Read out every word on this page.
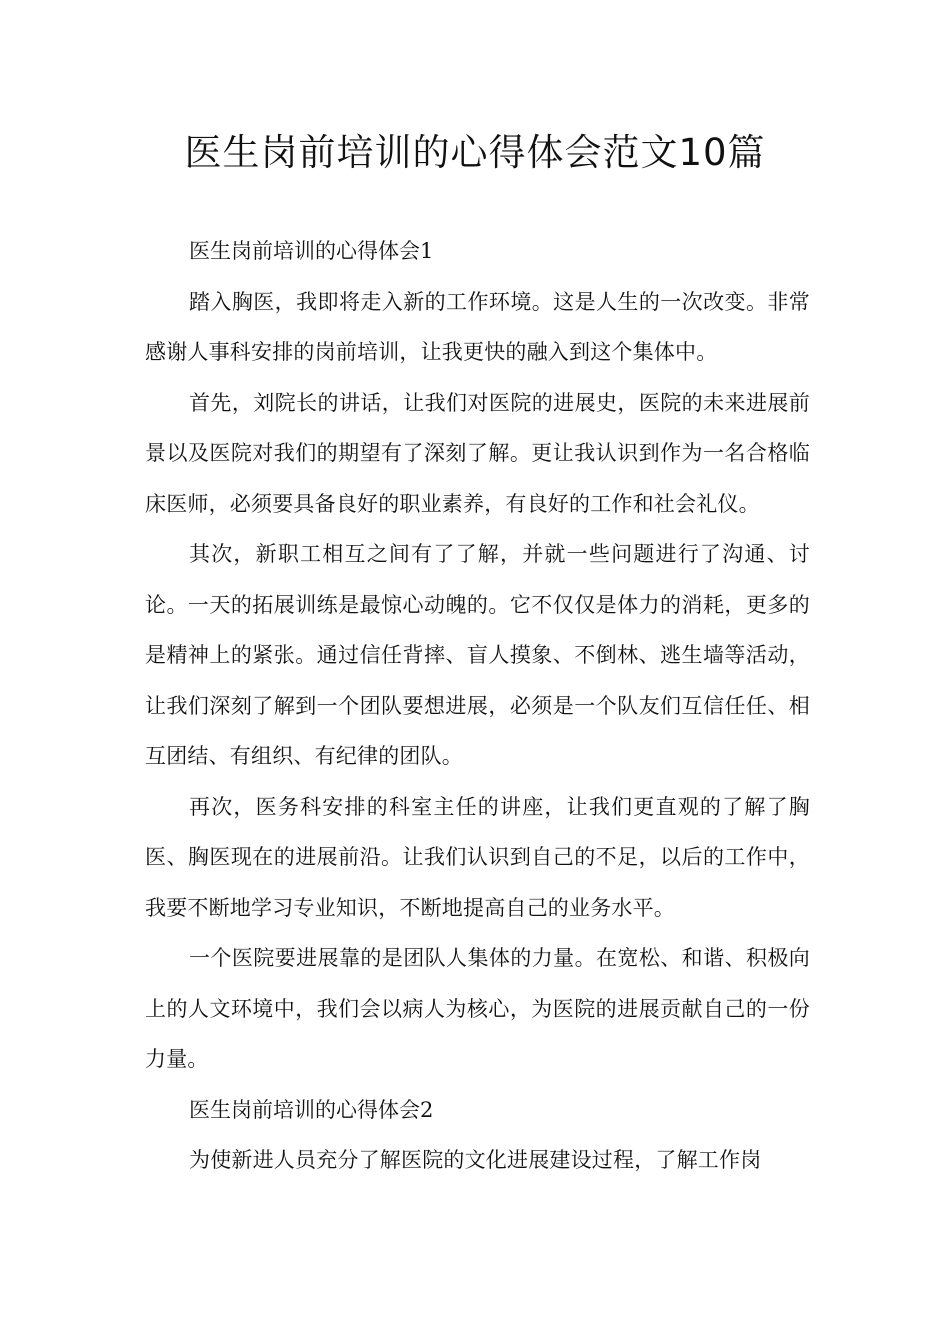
医生岗前培训的心得体会范文10篇

医生岗前培训的心得体会1

踏入胸医，我即将走入新的工作环境。这是人生的一次改变。非常感谢人事科安排的岗前培训，让我更快的融入到这个集体中。

首先，刘院长的讲话，让我们对医院的进展史，医院的未来进展前景以及医院对我们的期望有了深刻了解。更让我认识到作为一名合格临床医师，必须要具备良好的职业素养，有良好的工作和社会礼仪。

其次，新职工相互之间有了了解，并就一些问题进行了沟通、讨论。一天的拓展训练是最惊心动魄的。它不仅仅是体力的消耗，更多的是精神上的紧张。通过信任背摔、盲人摸象、不倒林、逃生墙等活动，让我们深刻了解到一个团队要想进展，必须是一个队友们互信任任、相互团结、有组织、有纪律的团队。

再次，医务科安排的科室主任的讲座，让我们更直观的了解了胸医、胸医现在的进展前沿。让我们认识到自己的不足，以后的工作中，我要不断地学习专业知识，不断地提高自己的业务水平。

一个医院要进展靠的是团队人集体的力量。在宽松、和谐、积极向上的人文环境中，我们会以病人为核心，为医院的进展贡献自己的一份力量。

医生岗前培训的心得体会2

为使新进人员充分了解医院的文化进展建设过程，了解工作岗
